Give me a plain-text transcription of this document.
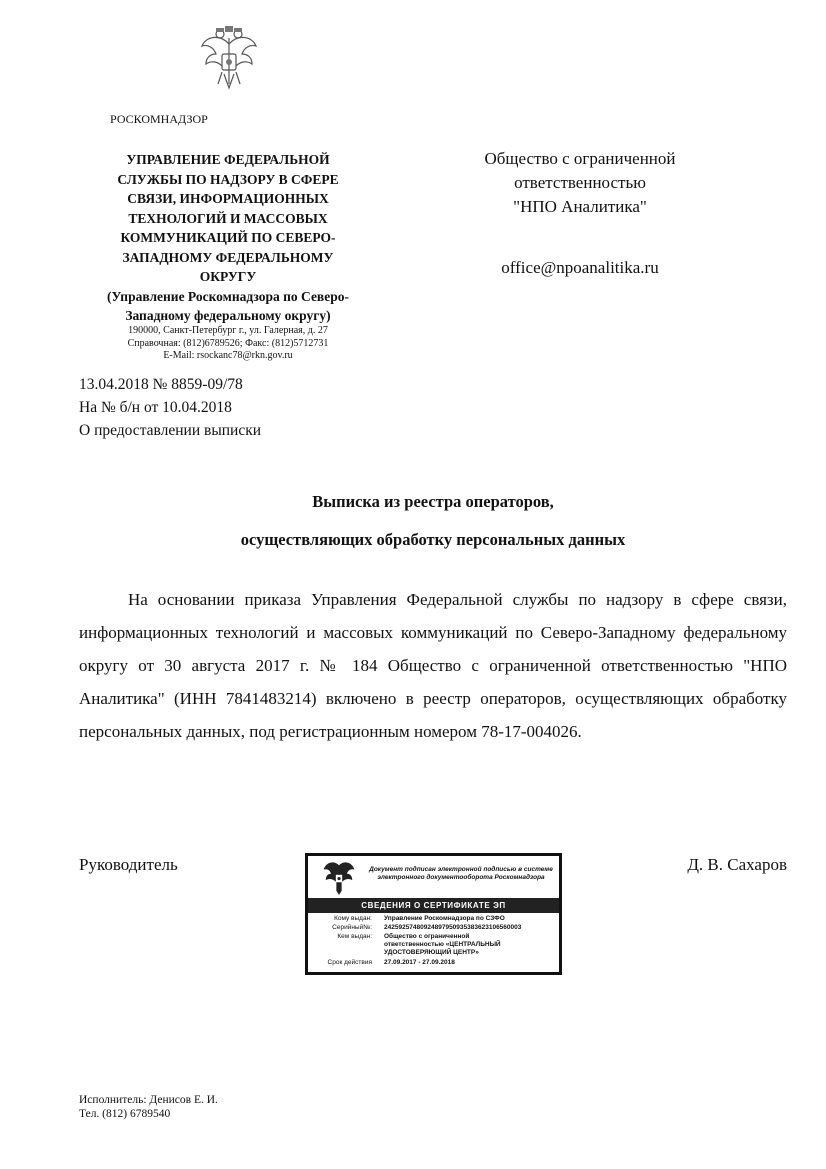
РОСКОМНАДЗОР
УПРАВЛЕНИЕ ФЕДЕРАЛЬНОЙ
СЛУЖБЫ ПО НАДЗОРУ В СФЕРЕ
СВЯЗИ, ИНФОРМАЦИОННЫХ
ТЕХНОЛОГИЙ И МАССОВЫХ
КОММУНИКАЦИЙ ПО СЕВЕРО-
ЗАПАДНОМУ ФЕДЕРАЛЬНОМУ
ОКРУГУ
(Управление Роскомнадзора по Северо-
Западному федеральному округу)
190000, Санкт-Петербург г., ул. Галерная, д. 27
Справочная: (812)6789526; Факс: (812)5712731
E-Mail: rsockanc78@rkn.gov.ru
Общество с ограниченной
ответственностью
"НПО Аналитика"
office@npoanalitika.ru
13.04.2018 № 8859-09/78
На № б/н от 10.04.2018
О предоставлении выписки
Выписка из реестра операторов,
осуществляющих обработку персональных данных
На основании приказа Управления Федеральной службы по надзору в сфере связи, информационных технологий и массовых коммуникаций по Северо-Западному федеральному округу от 30 августа 2017 г. № 184 Общество с ограниченной ответственностью "НПО Аналитика" (ИНН 7841483214) включено в реестр операторов, осуществляющих обработку персональных данных, под регистрационным номером 78-17-004026.
Руководитель	Д. В. Сахаров
Документ подписан электронной подписью в системе
электронного документооборота Роскомнадзора
СВЕДЕНИЯ О СЕРТИФИКАТЕ ЭП
Кому выдан: Управление Роскомнадзора по СЗФО
Серийный№: 24259257480924897950935383623106560003
Кем выдан: Общество с ограниченной
ответственностью «ЦЕНТРАЛЬНЫЙ
УДОСТОВЕРЯЮЩИЙ ЦЕНТР»
Срок действия 27.09.2017 - 27.09.2018
Исполнитель: Денисов Е. И.
Тел. (812) 6789540
